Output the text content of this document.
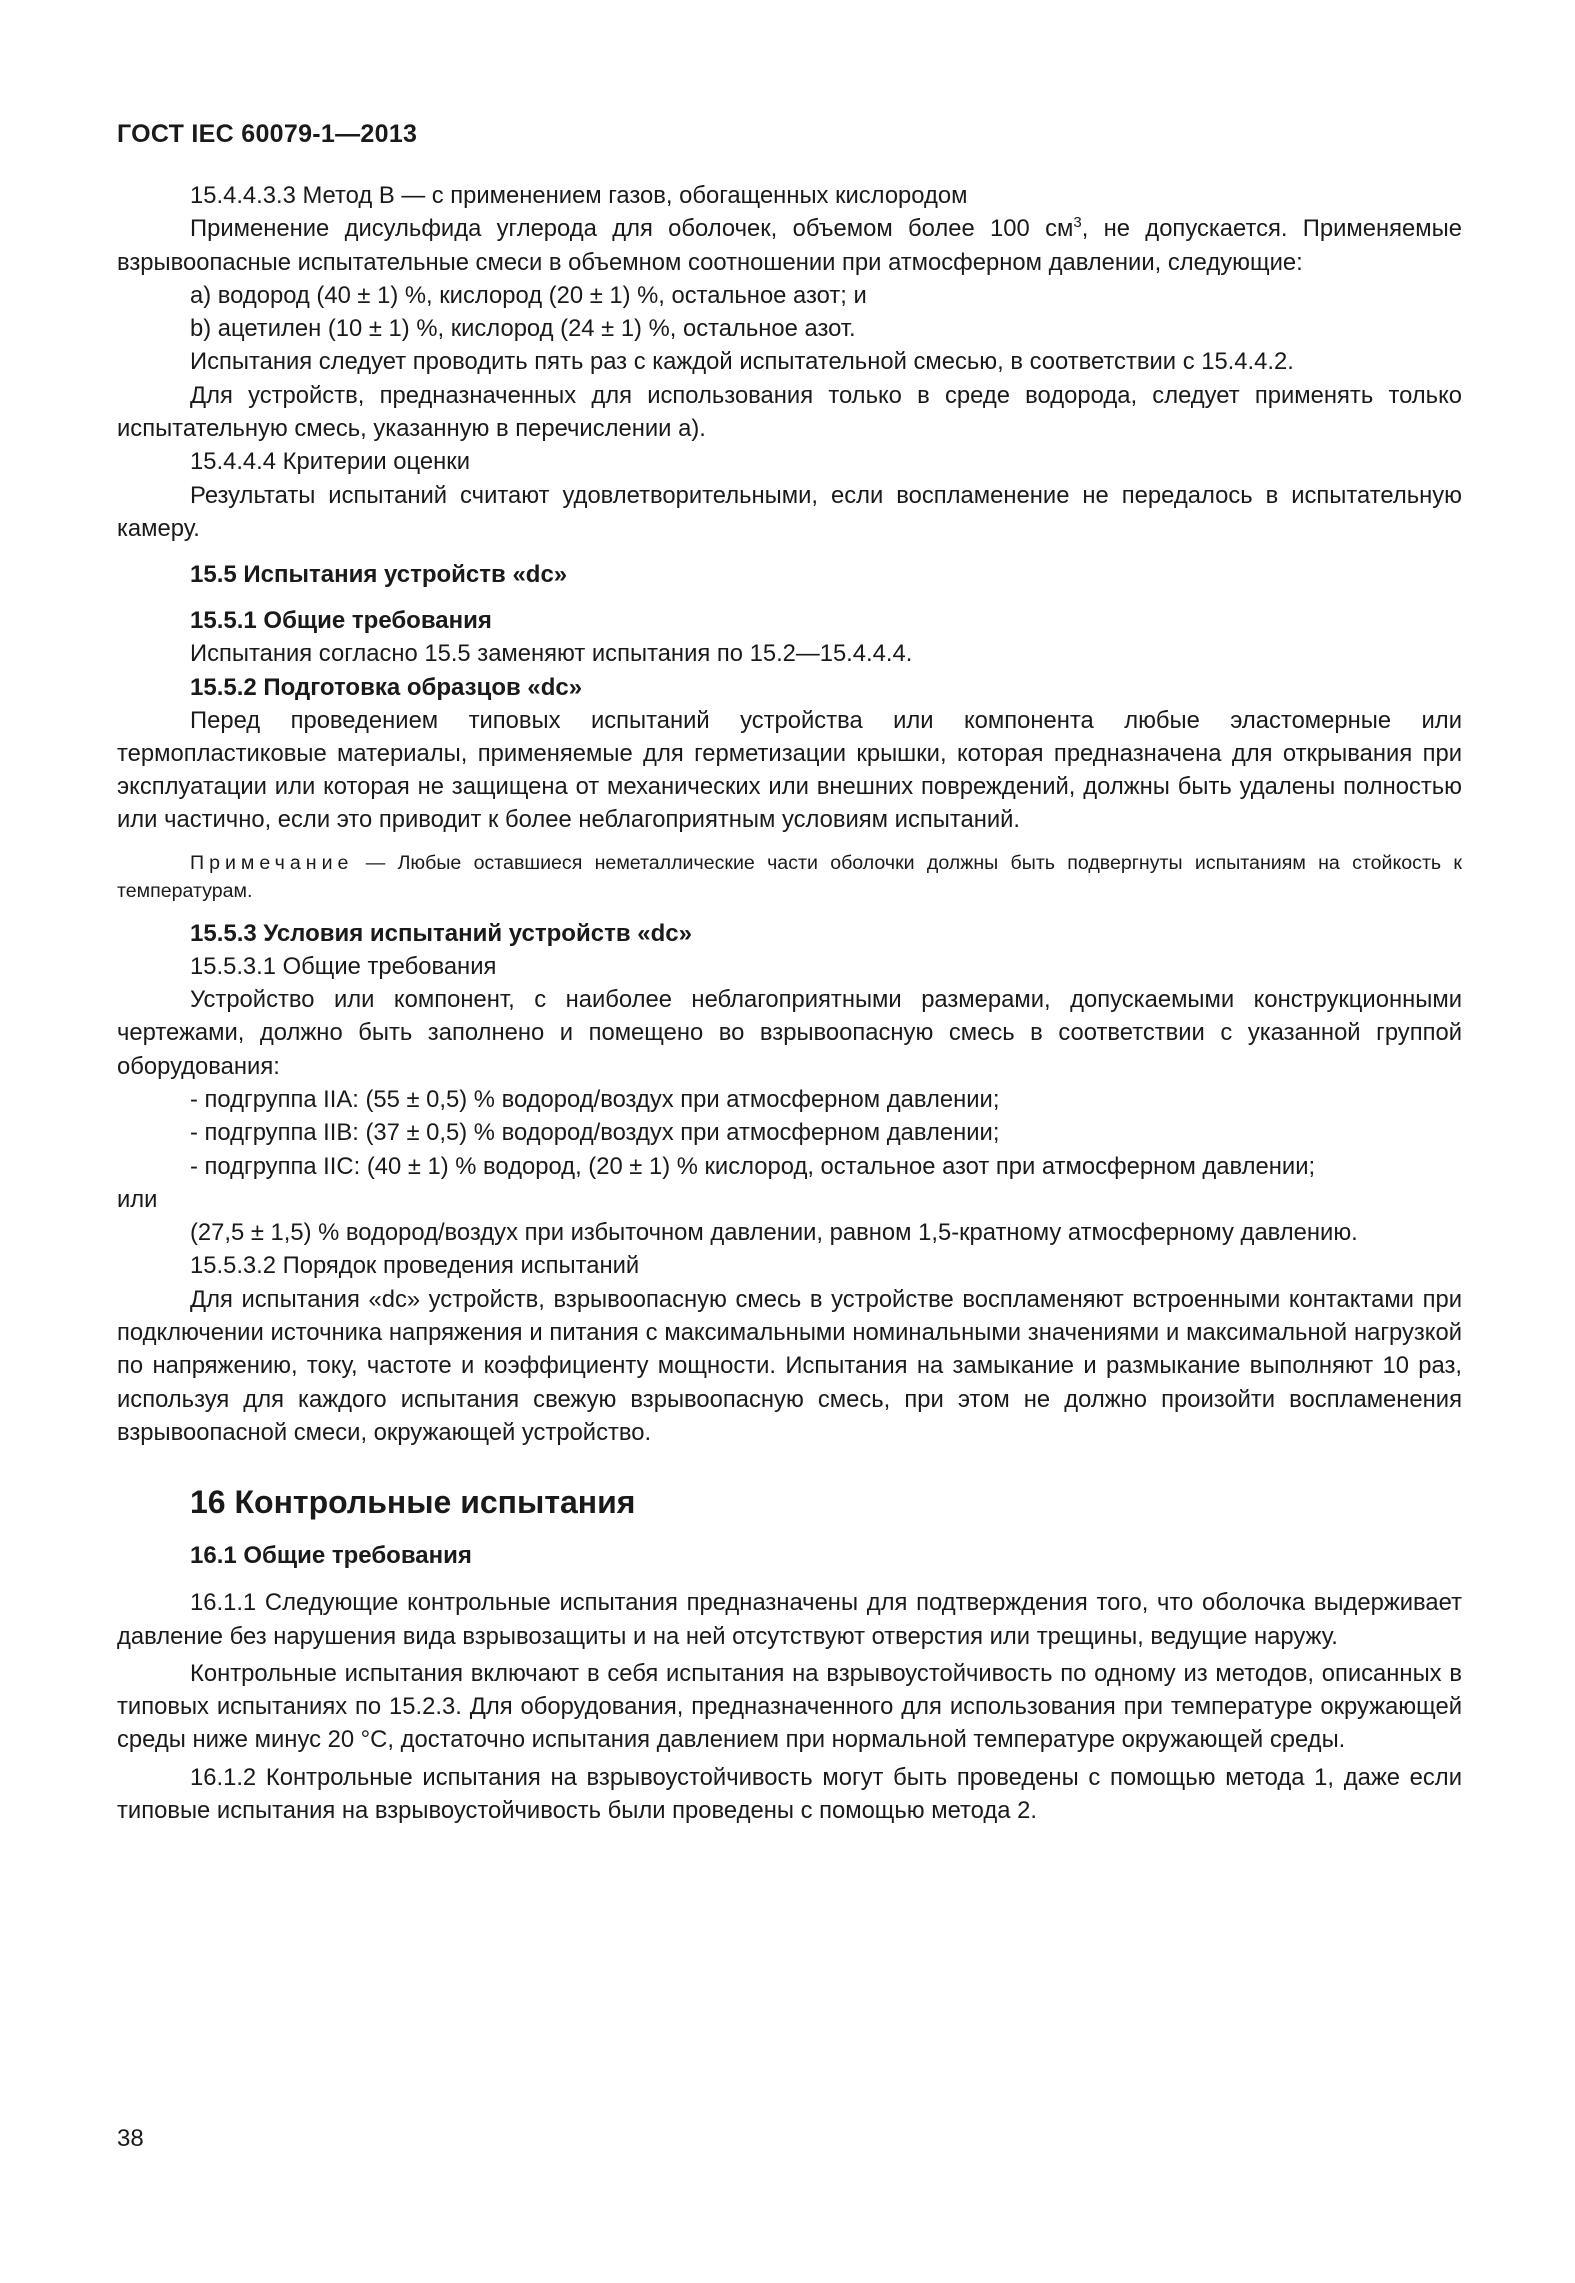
ГОСТ IEC 60079-1—2013

15.4.4.3.3 Метод B — с применением газов, обогащенных кислородом

Применение дисульфида углерода для оболочек, объемом более 100 $см^3$, не допускается. Применяемые взрывоопасные испытательные смеси в объемном соотношении при атмосферном давлении, следующие:

а) водород (40 ± 1) %, кислород (20 ± 1) %, остальное азот; и

b) ацетилен (10 ± 1) %, кислород (24 ± 1) %, остальное азот.

Испытания следует проводить пять раз с каждой испытательной смесью, в соответствии с 15.4.4.2.

Для устройств, предназначенных для использования только в среде водорода, следует применять только испытательную смесь, указанную в перечислении а).

15.4.4.4 Критерии оценки

Результаты испытаний считают удовлетворительными, если воспламенение не передалось в испытательную камеру.

15.5 Испытания устройств «dc»
15.5.1 Общие требования

Испытания согласно 15.5 заменяют испытания по 15.2—15.4.4.4.

15.5.2 Подготовка образцов «dc»

Перед проведением типовых испытаний устройства или компонента любые эластомерные или термопластиковые материалы, применяемые для герметизации крышки, которая предназначена для открывания при эксплуатации или которая не защищена от механических или внешних повреждений, должны быть удалены полностью или частично, если это приводит к более неблагоприятным условиям испытаний.

Примечание — Любые оставшиеся неметаллические части оболочки должны быть подвергнуты испытаниям на стойкость к температурам.

15.5.3 Условия испытаний устройств «dc»

15.5.3.1 Общие требования

Устройство или компонент, с наиболее неблагоприятными размерами, допускаемыми конструкционными чертежами, должно быть заполнено и помещено во взрывоопасную смесь в соответствии с указанной группой оборудования:

- подгруппа IIA: (55 ± 0,5) % водород/воздух при атмосферном давлении;

- подгруппа IIB: (37 ± 0,5) % водород/воздух при атмосферном давлении;

- подгруппа IIC: (40 ± 1) % водород, (20 ± 1) % кислород, остальное азот при атмосферном давлении;

или

(27,5 ± 1,5) % водород/воздух при избыточном давлении, равном 1,5-кратному атмосферному давлению.

15.5.3.2 Порядок проведения испытаний

Для испытания «dc» устройств, взрывоопасную смесь в устройстве воспламеняют встроенными контактами при подключении источника напряжения и питания с максимальными номинальными значениями и максимальной нагрузкой по напряжению, току, частоте и коэффициенту мощности. Испытания на замыкание и размыкание выполняют 10 раз, используя для каждого испытания свежую взрывоопасную смесь, при этом не должно произойти воспламенения взрывоопасной смеси, окружающей устройство.

16 Контрольные испытания
16.1 Общие требования

16.1.1 Следующие контрольные испытания предназначены для подтверждения того, что оболочка выдерживает давление без нарушения вида взрывозащиты и на ней отсутствуют отверстия или трещины, ведущие наружу.

Контрольные испытания включают в себя испытания на взрывоустойчивость по одному из методов, описанных в типовых испытаниях по 15.2.3. Для оборудования, предназначенного для использования при температуре окружающей среды ниже минус 20 °С, достаточно испытания давлением при нормальной температуре окружающей среды.

16.1.2 Контрольные испытания на взрывоустойчивость могут быть проведены с помощью метода 1, даже если типовые испытания на взрывоустойчивость были проведены с помощью метода 2.

38
